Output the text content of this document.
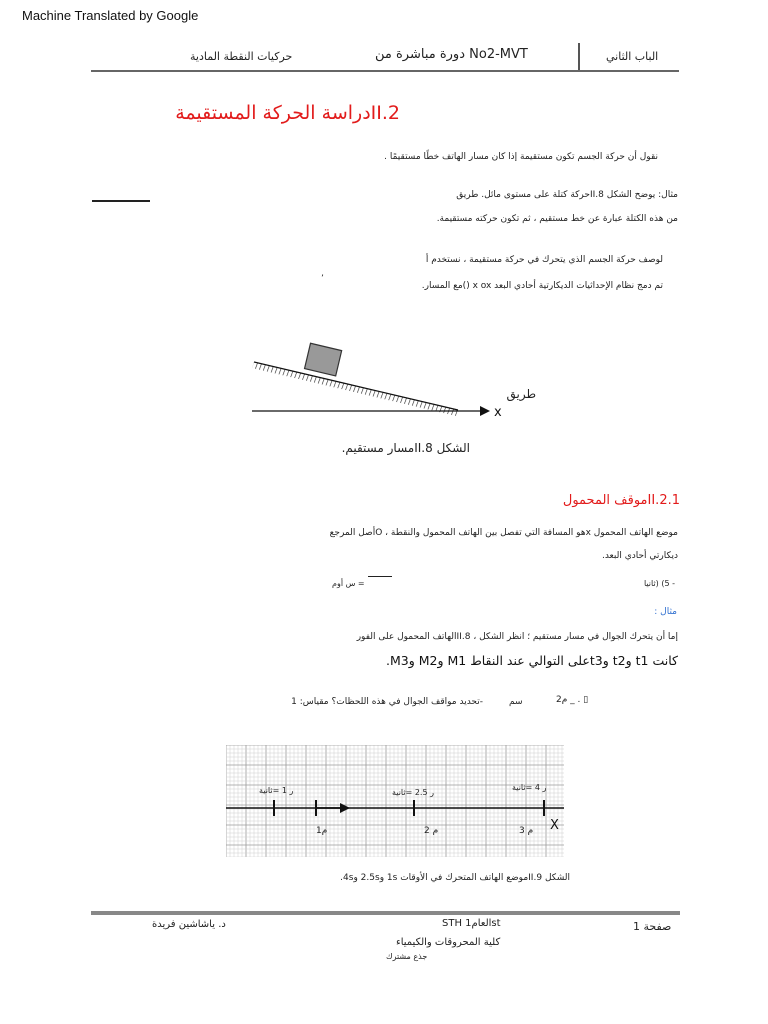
Machine Translated by Google
حركيات النقطة المادية	دورة مباشرة من No2-MVT	الباب الثاني
II.2دراسة الحركة المستقيمة
نقول أن حركة الجسم تكون مستقيمة إذا كان مسار الهاتف خطًا مستقيمًا .
مثال: يوضح الشكل 8.IIحركة كتلة على مستوى مائل. طريق
من هذه الكتلة عبارة عن خط مستقيم ، ثم تكون حركته مستقيمة.
لوصف حركة الجسم الذي يتحرك في حركة مستقيمة ، نستخدم أ
تم دمج نظام الإحداثيات الديكارتية أحادي البعد x ox ()مع المسار.
ʼ
طريق
x
الشكل 8.IIمسار مستقيم.
II.2.1موقف المحمول
موضع الهاتف المحمول xهو المسافة التي تفصل بين الهاتف المحمول والنقطة ، Oأصل المرجع
ديكارتي أحادي البعد.
س أوم =	- 5) (ثانيا
مثال :
إما أن يتحرك الجوال في مسار مستقيم ؛ انظر الشكل ، 8.IIالهاتف المحمول على الفور
كانت t1 وt2 وt3على التوالي عند النقاط M1 وM2 وM3.
-تحديد مواقف الجوال في هذه اللحظات؟ مقياس: 1	سم	2م _ . ▯
ر 1 =ثانية	ر 2.5 =ثانية
ر 4 =ثانية
1م	2 م	3 م X
الشكل 9.IIموضع الهاتف المتحرك في الأوقات 1s و2.5s و4s.
صفحة 1
STH العام1st
كلية المحروقات والكيمياء
جذع مشترك
د. ياشاشين فريدة
